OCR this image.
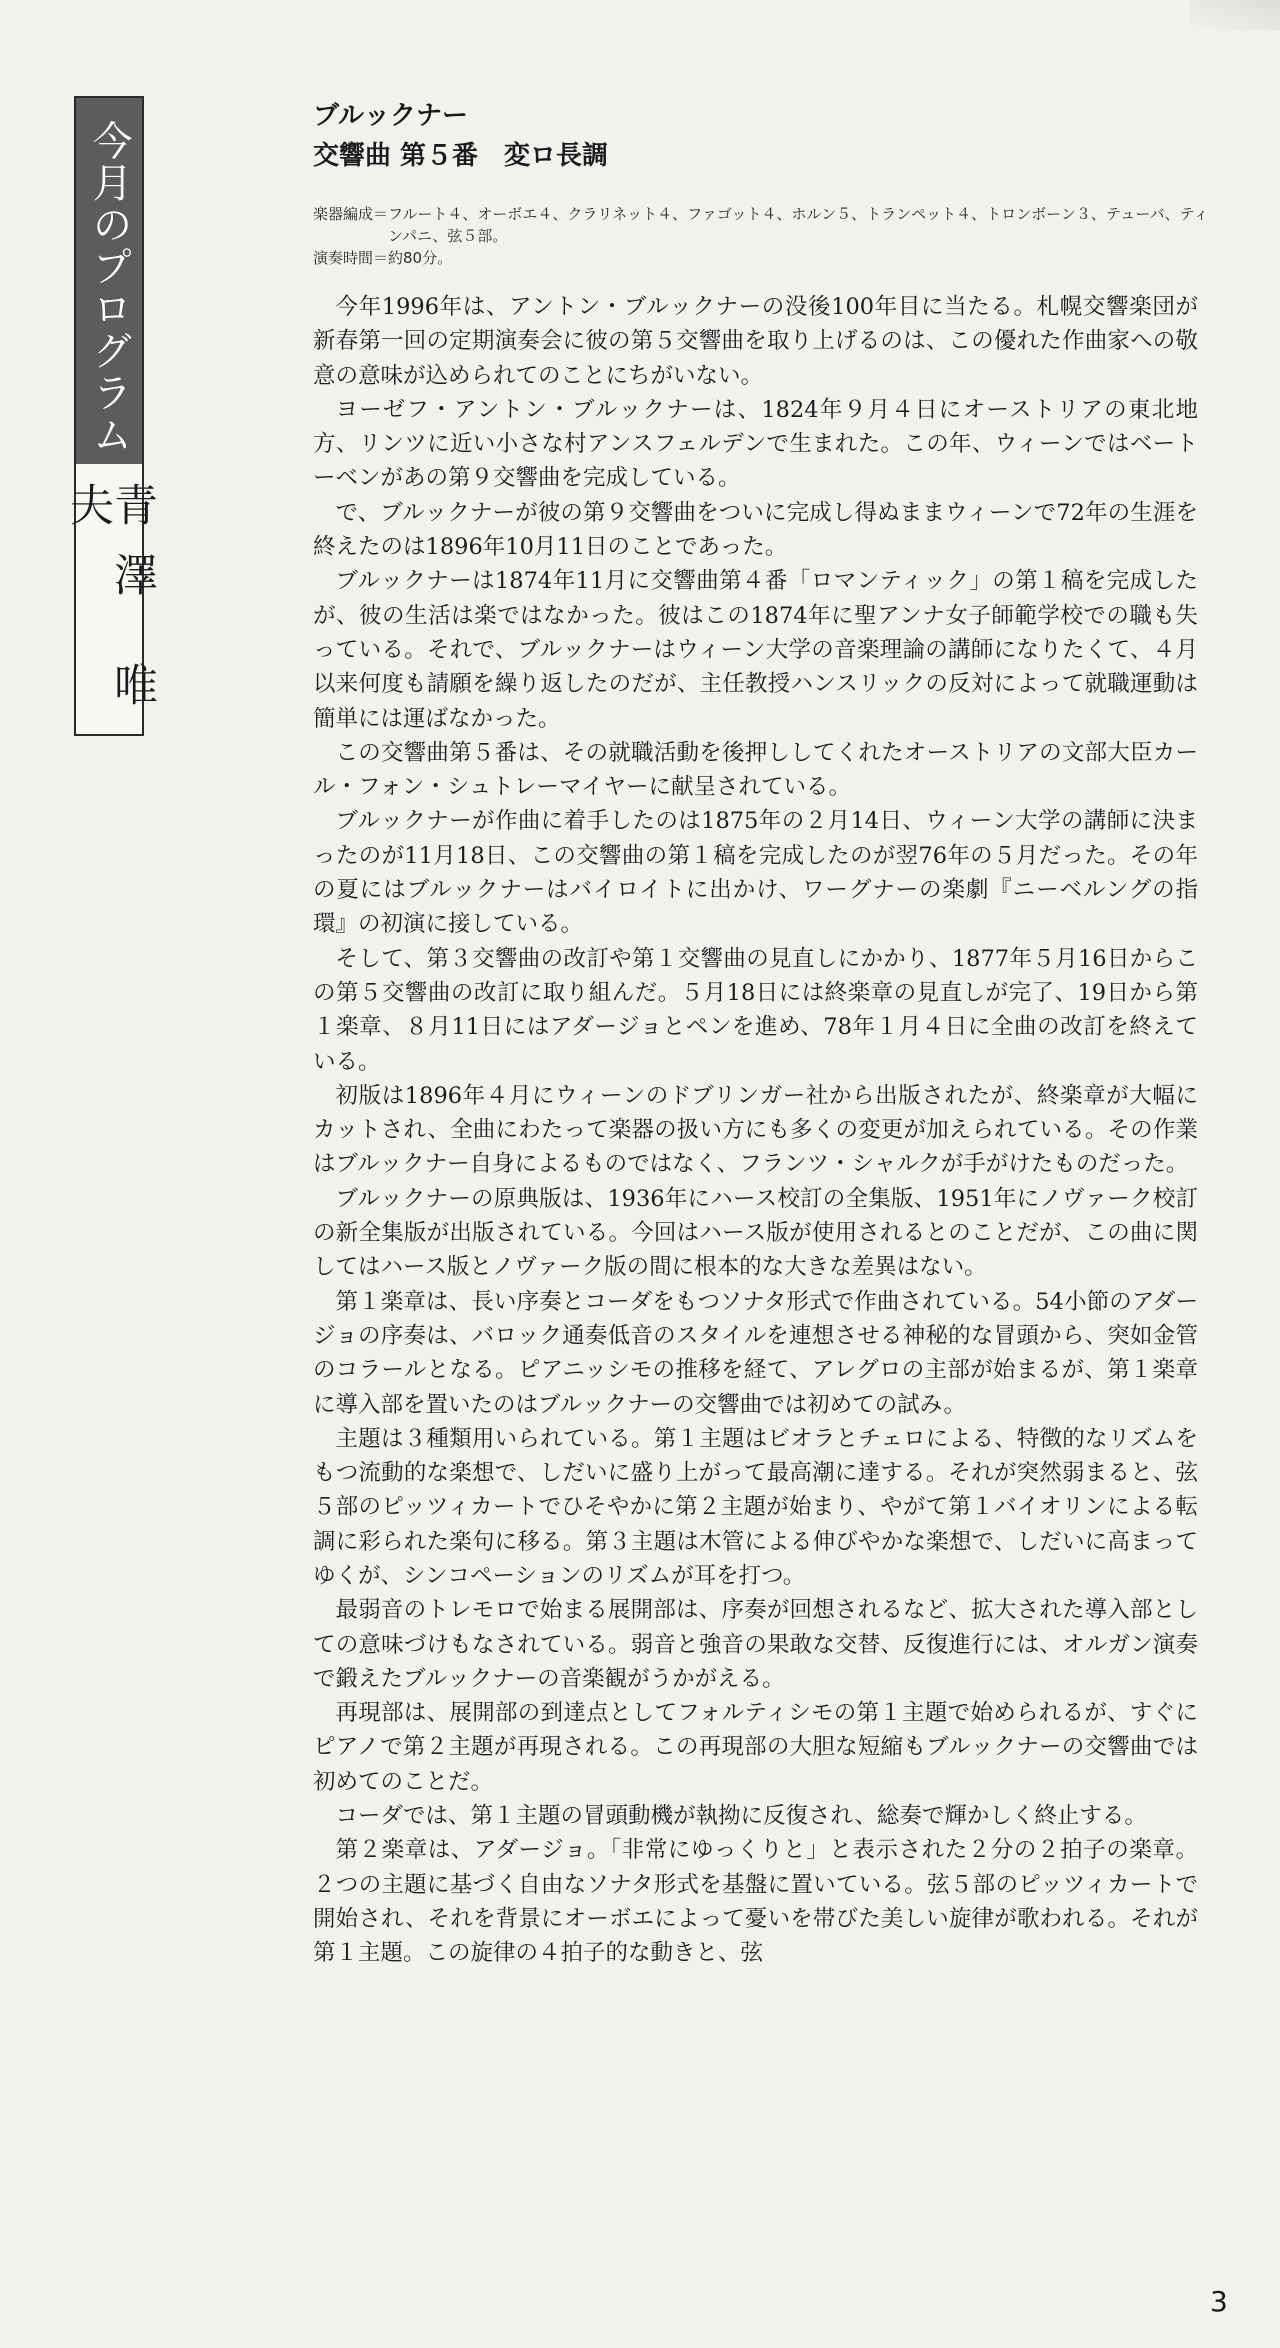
今月のプログラム
青澤 唯夫
ブルックナー
交響曲 第５番　変ロ長調
楽器編成＝ フルート４、オーボエ４、クラリネット４、ファゴット４、ホルン５、トランペット４、トロンボーン３、テューバ、ティンパニ、弦５部。
演奏時間＝ 約80分。

今年1996年は、アントン・ブルックナーの没後100年目に当たる。札幌交響楽団が新春第一回の定期演奏会に彼の第５交響曲を取り上げるのは、この優れた作曲家への敬意の意味が込められてのことにちがいない。

ヨーゼフ・アントン・ブルックナーは、1824年９月４日にオーストリアの東北地方、リンツに近い小さな村アンスフェルデンで生まれた。この年、ウィーンではベートーベンがあの第９交響曲を完成している。

で、ブルックナーが彼の第９交響曲をついに完成し得ぬままウィーンで72年の生涯を終えたのは1896年10月11日のことであった。

ブルックナーは1874年11月に交響曲第４番「ロマンティック」の第１稿を完成したが、彼の生活は楽ではなかった。彼はこの1874年に聖アンナ女子師範学校での職も失っている。それで、ブルックナーはウィーン大学の音楽理論の講師になりたくて、４月以来何度も請願を繰り返したのだが、主任教授ハンスリックの反対によって就職運動は簡単には運ばなかった。

この交響曲第５番は、その就職活動を後押ししてくれたオーストリアの文部大臣カール・フォン・シュトレーマイヤーに献呈されている。

ブルックナーが作曲に着手したのは1875年の２月14日、ウィーン大学の講師に決まったのが11月18日、この交響曲の第１稿を完成したのが翌76年の５月だった。その年の夏にはブルックナーはバイロイトに出かけ、ワーグナーの楽劇『ニーベルングの指環』の初演に接している。

そして、第３交響曲の改訂や第１交響曲の見直しにかかり、1877年５月16日からこの第５交響曲の改訂に取り組んだ。５月18日には終楽章の見直しが完了、19日から第１楽章、８月11日にはアダージョとペンを進め、78年１月４日に全曲の改訂を終えている。

初版は1896年４月にウィーンのドブリンガー社から出版されたが、終楽章が大幅にカットされ、全曲にわたって楽器の扱い方にも多くの変更が加えられている。その作業はブルックナー自身によるものではなく、フランツ・シャルクが手がけたものだった。

ブルックナーの原典版は、1936年にハース校訂の全集版、1951年にノヴァーク校訂の新全集版が出版されている。今回はハース版が使用されるとのことだが、この曲に関してはハース版とノヴァーク版の間に根本的な大きな差異はない。

第１楽章は、長い序奏とコーダをもつソナタ形式で作曲されている。54小節のアダージョの序奏は、バロック通奏低音のスタイルを連想させる神秘的な冒頭から、突如金管のコラールとなる。ピアニッシモの推移を経て、アレグロの主部が始まるが、第１楽章に導入部を置いたのはブルックナーの交響曲では初めての試み。

主題は３種類用いられている。第１主題はビオラとチェロによる、特徴的なリズムをもつ流動的な楽想で、しだいに盛り上がって最高潮に達する。それが突然弱まると、弦５部のピッツィカートでひそやかに第２主題が始まり、やがて第１バイオリンによる転調に彩られた楽句に移る。第３主題は木管による伸びやかな楽想で、しだいに高まってゆくが、シンコペーションのリズムが耳を打つ。

最弱音のトレモロで始まる展開部は、序奏が回想されるなど、拡大された導入部としての意味づけもなされている。弱音と強音の果敢な交替、反復進行には、オルガン演奏で鍛えたブルックナーの音楽観がうかがえる。

再現部は、展開部の到達点としてフォルティシモの第１主題で始められるが、すぐにピアノで第２主題が再現される。この再現部の大胆な短縮もブルックナーの交響曲では初めてのことだ。

コーダでは、第１主題の冒頭動機が執拗に反復され、総奏で輝かしく終止する。

第２楽章は、アダージョ。「非常にゆっくりと」と表示された２分の２拍子の楽章。２つの主題に基づく自由なソナタ形式を基盤に置いている。弦５部のピッツィカートで開始され、それを背景にオーボエによって憂いを帯びた美しい旋律が歌われる。それが第１主題。この旋律の４拍子的な動きと、弦

3
